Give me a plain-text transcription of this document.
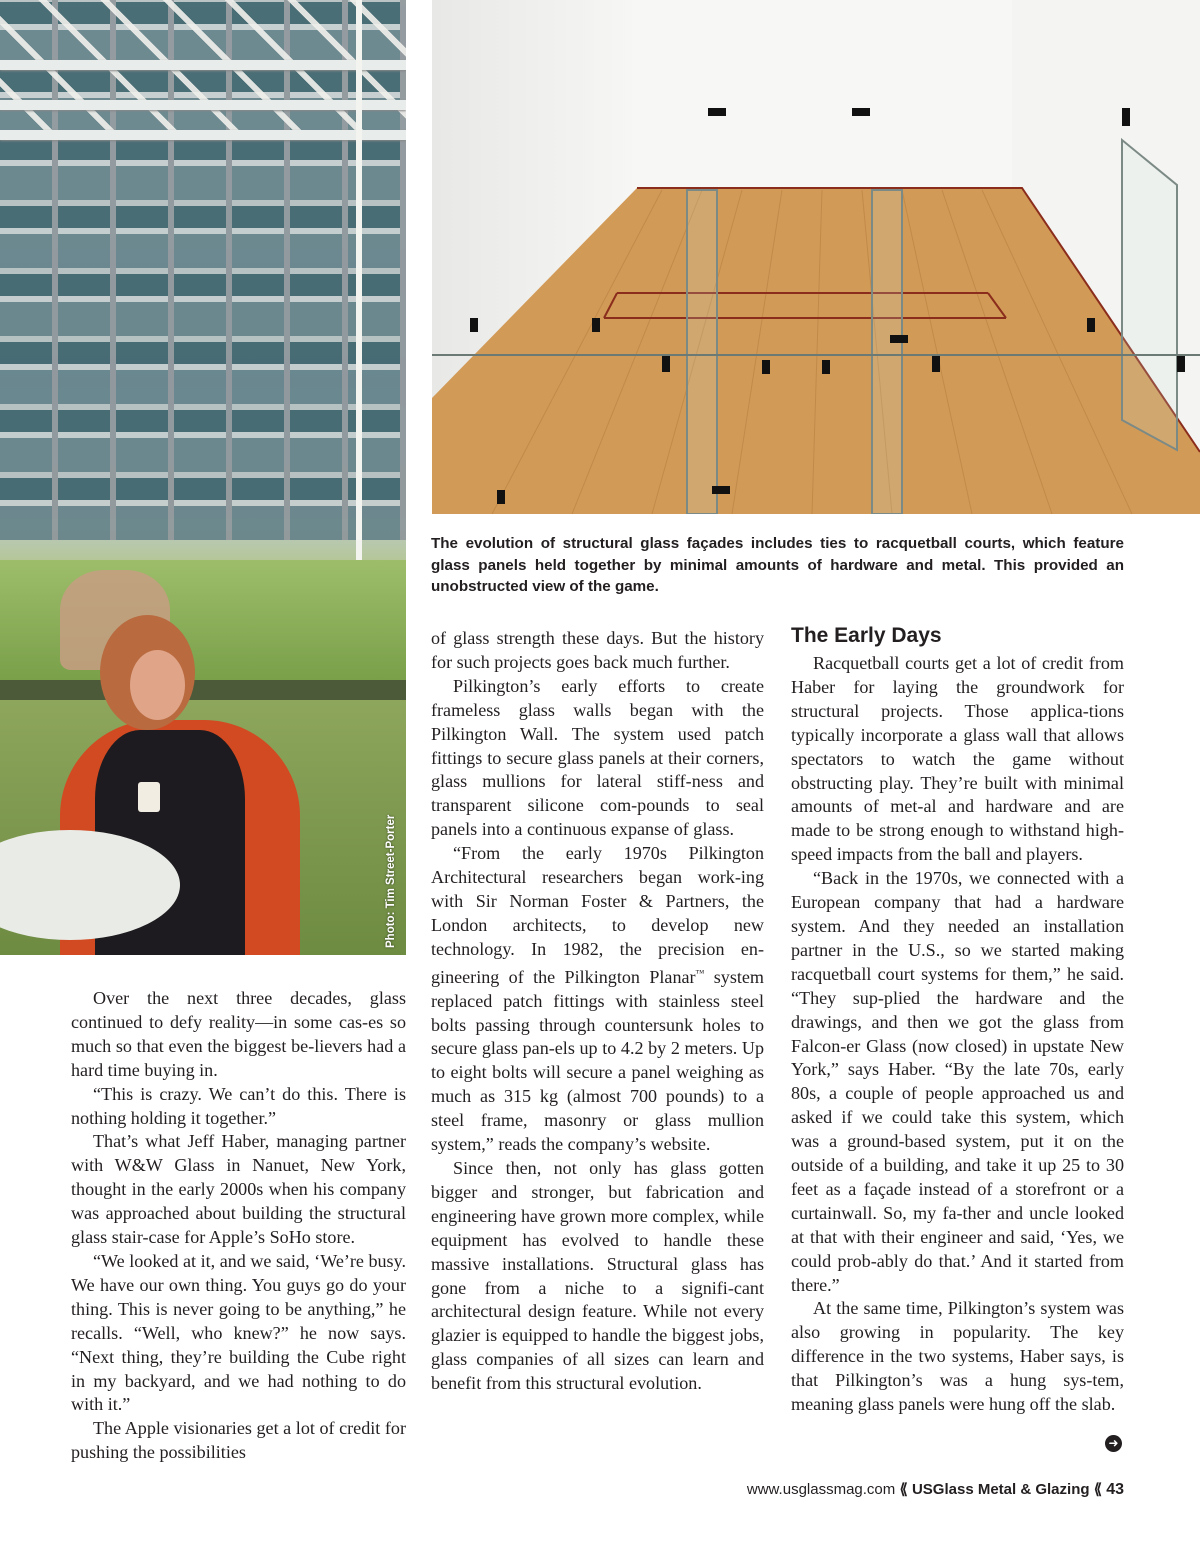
Photo: Tim Street-Porter
The evolution of structural glass façades includes ties to racquetball courts, which feature glass panels held together by minimal amounts of hardware and metal. This provided an unobstructed view of the game.

Over the next three decades, glass continued to defy reality—in some cas-es so much so that even the biggest be-lievers had a hard time buying in.

“This is crazy. We can’t do this. There is nothing holding it together.”

That’s what Jeff Haber, managing partner with W&W Glass in Nanuet, New York, thought in the early 2000s when his company was approached about building the structural glass stair-case for Apple’s SoHo store.

“We looked at it, and we said, ‘We’re busy. We have our own thing. You guys go do your thing. This is never going to be anything,” he recalls. “Well, who knew?” he now says. “Next thing, they’re building the Cube right in my backyard, and we had nothing to do with it.”

The Apple visionaries get a lot of credit for pushing the possibilities

of glass strength these days. But the history for such projects goes back much further.

Pilkington’s early efforts to create frameless glass walls began with the Pilkington Wall. The system used patch fittings to secure glass panels at their corners, glass mullions for lateral stiff-ness and transparent silicone com-pounds to seal panels into a continuous expanse of glass.

“From the early 1970s Pilkington Architectural researchers began work-ing with Sir Norman Foster & Partners, the London architects, to develop new technology. In 1982, the precision en-gineering of the Pilkington Planar™ system replaced patch fittings with stainless steel bolts passing through countersunk holes to secure glass pan-els up to 4.2 by 2 meters. Up to eight bolts will secure a panel weighing as much as 315 kg (almost 700 pounds) to a steel frame, masonry or glass mullion system,” reads the company’s website.

Since then, not only has glass gotten bigger and stronger, but fabrication and engineering have grown more complex, while equipment has evolved to handle these massive installations. Structural glass has gone from a niche to a signifi-cant architectural design feature. While not every glazier is equipped to handle the biggest jobs, glass companies of all sizes can learn and benefit from this structural evolution.

The Early Days

Racquetball courts get a lot of credit from Haber for laying the groundwork for structural projects. Those applica-tions typically incorporate a glass wall that allows spectators to watch the game without obstructing play. They’re built with minimal amounts of met-al and hardware and are made to be strong enough to withstand high-speed impacts from the ball and players.

“Back in the 1970s, we connected with a European company that had a hardware system. And they needed an installation partner in the U.S., so we started making racquetball court systems for them,” he said. “They sup-plied the hardware and the drawings, and then we got the glass from Falcon-er Glass (now closed) in upstate New York,” says Haber. “By the late 70s, early 80s, a couple of people approached us and asked if we could take this system, which was a ground-based system, put it on the outside of a building, and take it up 25 to 30 feet as a façade instead of a storefront or a curtainwall. So, my fa-ther and uncle looked at that with their engineer and said, ‘Yes, we could prob-ably do that.’ And it started from there.”

At the same time, Pilkington’s system was also growing in popularity. The key difference in the two systems, Haber says, is that Pilkington’s was a hung sys-tem, meaning glass panels were hung off the slab.

➜
www.usglassmag.com ⟪ USGlass Metal & Glazing ⟪ 43
